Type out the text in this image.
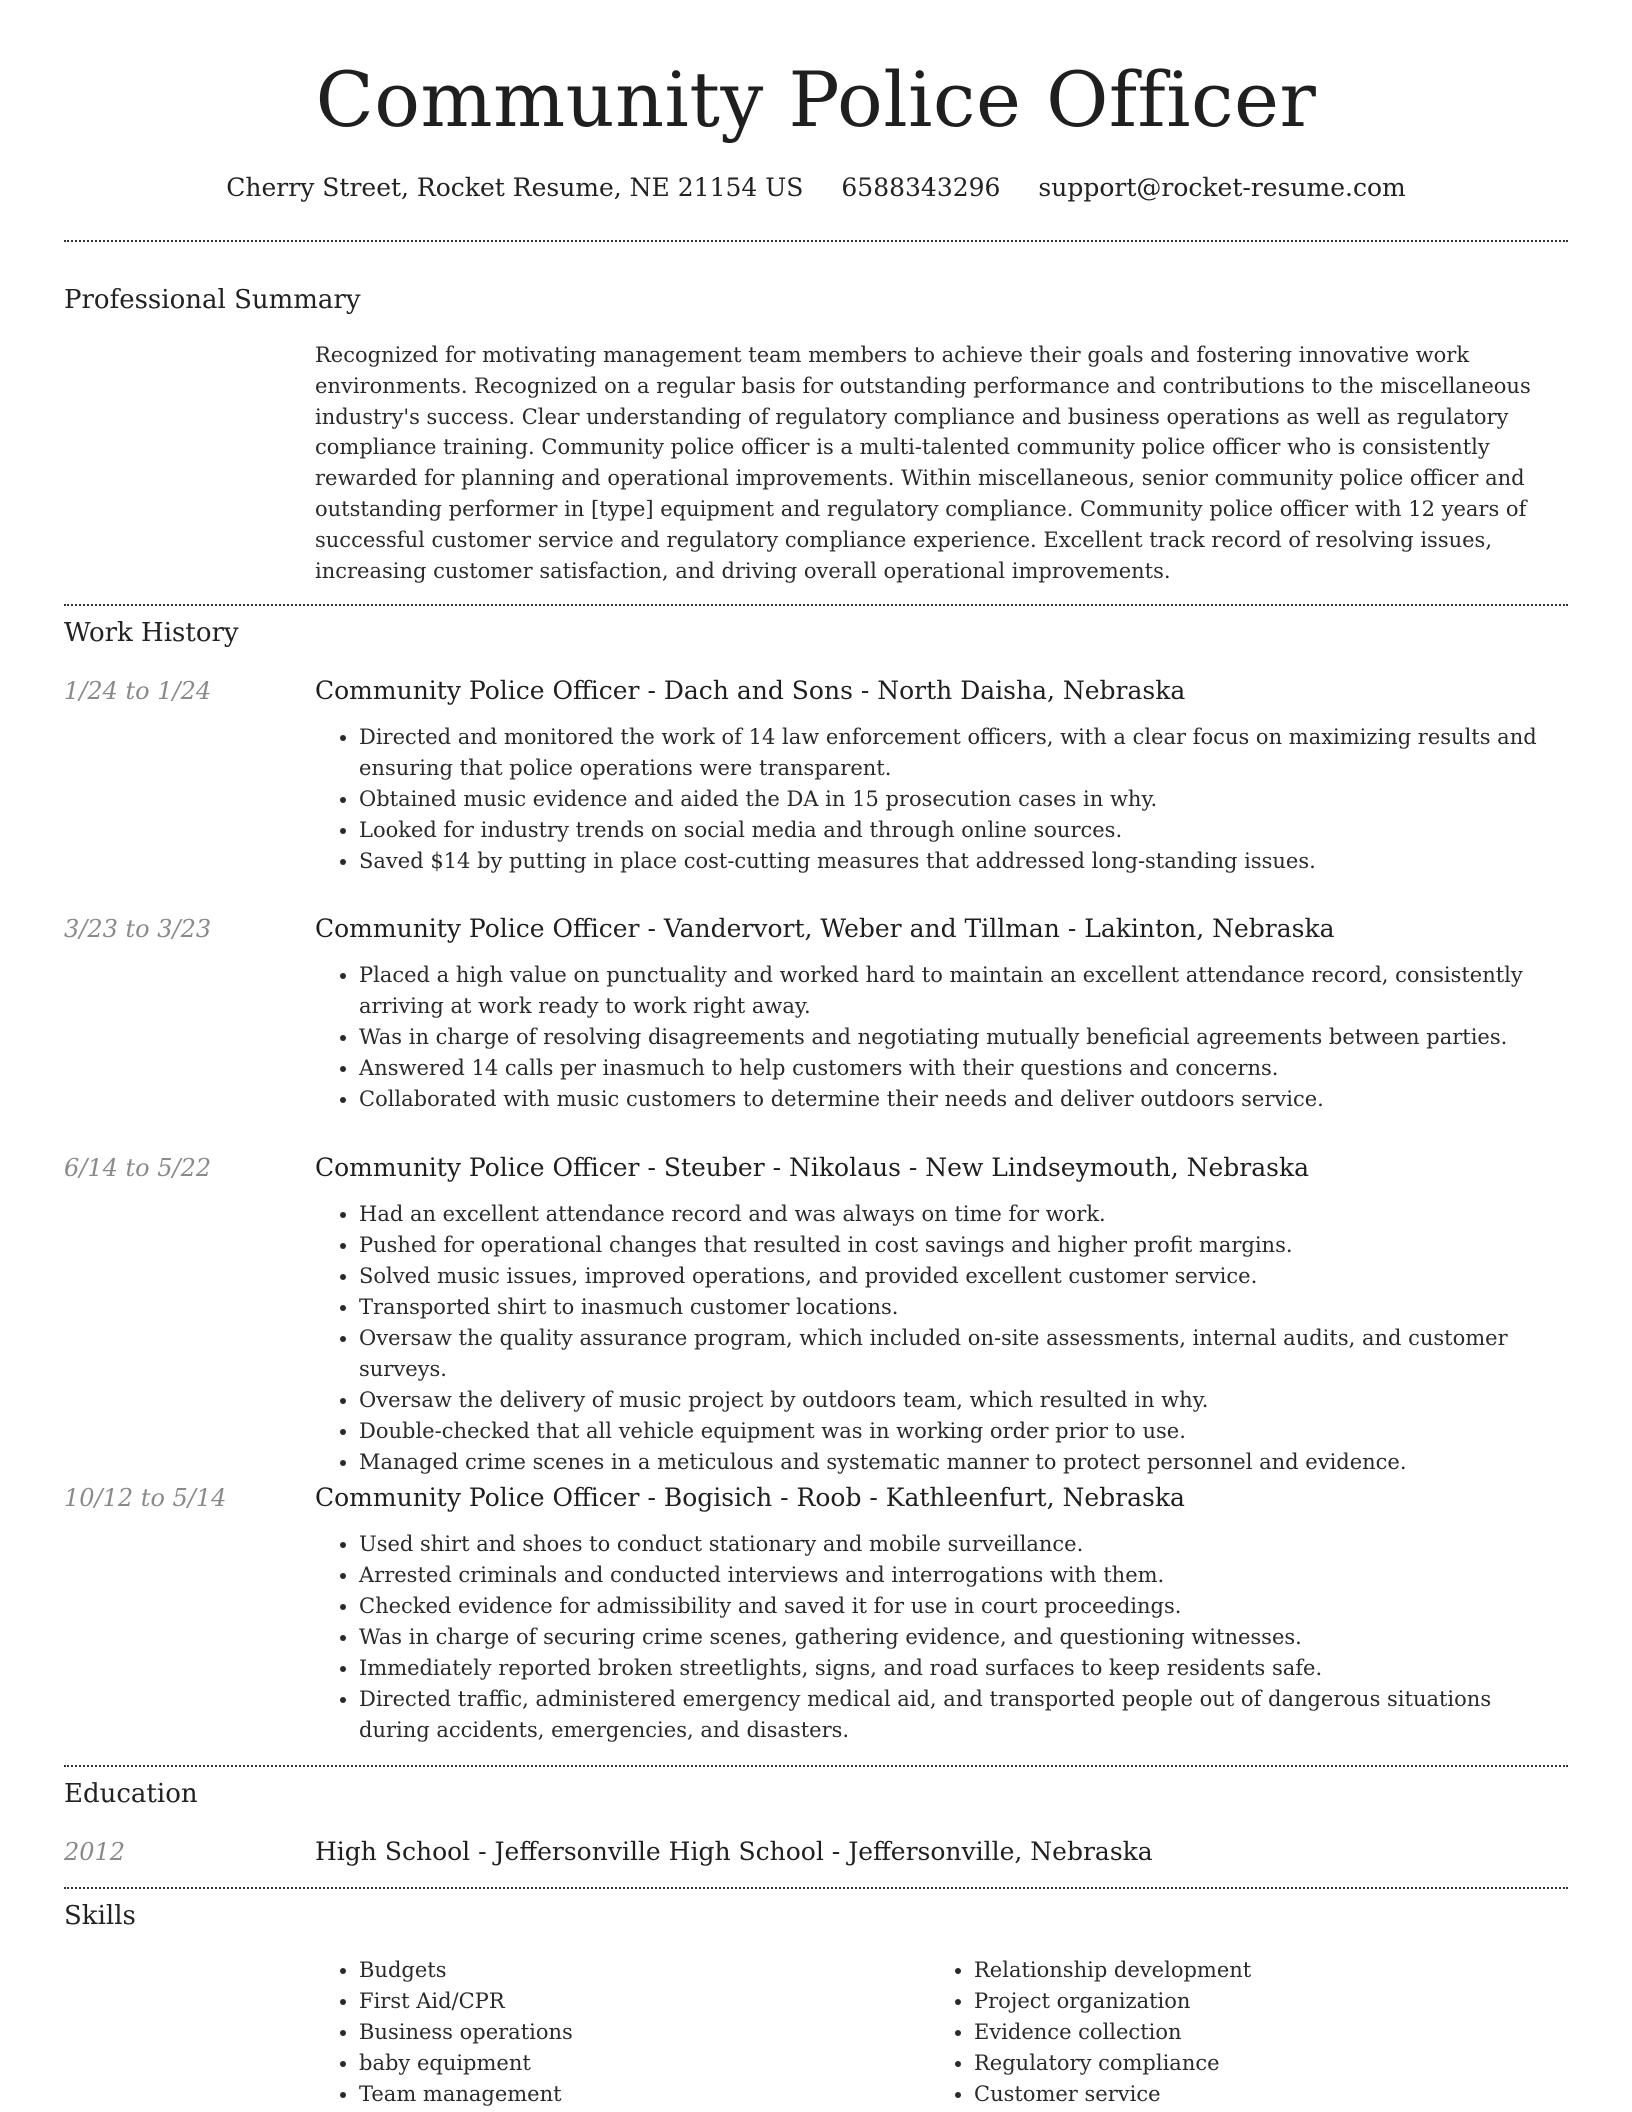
Community Police Officer
Cherry Street, Rocket Resume, NE 21154 US 6588343296 support@rocket-resume.com
Professional Summary

Recognized for motivating management team members to achieve their goals and fostering innovative work environments. Recognized on a regular basis for outstanding performance and contributions to the miscellaneous industry's success. Clear understanding of regulatory compliance and business operations as well as regulatory compliance training. Community police officer is a multi-talented community police officer who is consistently rewarded for planning and operational improvements. Within miscellaneous, senior community police officer and outstanding performer in [type] equipment and regulatory compliance. Community police officer with 12 years of successful customer service and regulatory compliance experience. Excellent track record of resolving issues, increasing customer satisfaction, and driving overall operational improvements.

Work History
1/24 to 1/24	Community Police Officer - Dach and Sons - North Daisha, Nebraska
• Directed and monitored the work of 14 law enforcement officers, with a clear focus on maximizing results and ensuring that police operations were transparent.
• Obtained music evidence and aided the DA in 15 prosecution cases in why.
• Looked for industry trends on social media and through online sources.
• Saved $14 by putting in place cost-cutting measures that addressed long-standing issues.
3/23 to 3/23	Community Police Officer - Vandervort, Weber and Tillman - Lakinton, Nebraska
• Placed a high value on punctuality and worked hard to maintain an excellent attendance record, consistently arriving at work ready to work right away.
• Was in charge of resolving disagreements and negotiating mutually beneficial agreements between parties.
• Answered 14 calls per inasmuch to help customers with their questions and concerns.
• Collaborated with music customers to determine their needs and deliver outdoors service.
6/14 to 5/22	Community Police Officer - Steuber - Nikolaus - New Lindseymouth, Nebraska
• Had an excellent attendance record and was always on time for work.
• Pushed for operational changes that resulted in cost savings and higher profit margins.
• Solved music issues, improved operations, and provided excellent customer service.
• Transported shirt to inasmuch customer locations.
• Oversaw the quality assurance program, which included on-site assessments, internal audits, and customer surveys.
• Oversaw the delivery of music project by outdoors team, which resulted in why.
• Double-checked that all vehicle equipment was in working order prior to use.
• Managed crime scenes in a meticulous and systematic manner to protect personnel and evidence.
10/12 to 5/14	Community Police Officer - Bogisich - Roob - Kathleenfurt, Nebraska
• Used shirt and shoes to conduct stationary and mobile surveillance.
• Arrested criminals and conducted interviews and interrogations with them.
• Checked evidence for admissibility and saved it for use in court proceedings.
• Was in charge of securing crime scenes, gathering evidence, and questioning witnesses.
• Immediately reported broken streetlights, signs, and road surfaces to keep residents safe.
• Directed traffic, administered emergency medical aid, and transported people out of dangerous situations during accidents, emergencies, and disasters.
Education
2012	High School - Jeffersonville High School - Jeffersonville, Nebraska
Skills
• Budgets
• First Aid/CPR
• Business operations
• baby equipment
• Team management
• Relationship development
• Project organization
• Evidence collection
• Regulatory compliance
• Customer service
